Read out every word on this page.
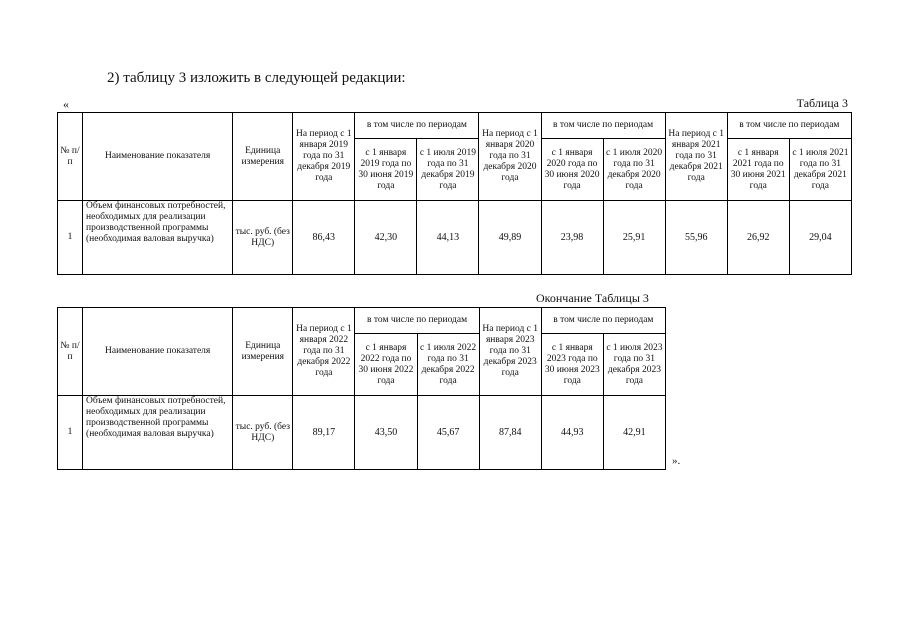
2) таблицу 3 изложить в следующей редакции:
«	Таблица 3
№ п/п	Наименование показателя	Единица измерения	На период с 1 января 2019 года по 31 декабря 2019 года	в том числе по периодам		На период с 1 января 2020 года по 31 декабря 2020 года	в том числе по периодам		На период с 1 января 2021 года по 31 декабря 2021 года	в том числе по периодам	
				с 1 января 2019 года по 30 июня 2019 года	с 1 июля 2019 года по 31 декабря 2019 года		с 1 января 2020 года по 30 июня 2020 года	с 1 июля 2020 года по 31 декабря 2020 года		с 1 января 2021 года по 30 июня 2021 года	с 1 июля 2021 года по 31 декабря 2021 года
1	Объем финансовых потребностей, необходимых для реализации производственной программы (необходимая валовая выручка)	тыс. руб. (без НДС)	86,43	42,30	44,13	49,89	23,98	25,91	55,96	26,92	29,04
Окончание Таблицы 3
№ п/п	Наименование показателя	Единица измерения	На период с 1 января 2022 года по 31 декабря 2022 года	в том числе по периодам		На период с 1 января 2023 года по 31 декабря 2023 года	в том числе по периодам	
				с 1 января 2022 года по 30 июня 2022 года	с 1 июля 2022 года по 31 декабря 2022 года		с 1 января 2023 года по 30 июня 2023 года	с 1 июля 2023 года по 31 декабря 2023 года
1	Объем финансовых потребностей, необходимых для реализации производственной программы (необходимая валовая выручка)	тыс. руб. (без НДС)	89,17	43,50	45,67	87,84	44,93	42,91
».
